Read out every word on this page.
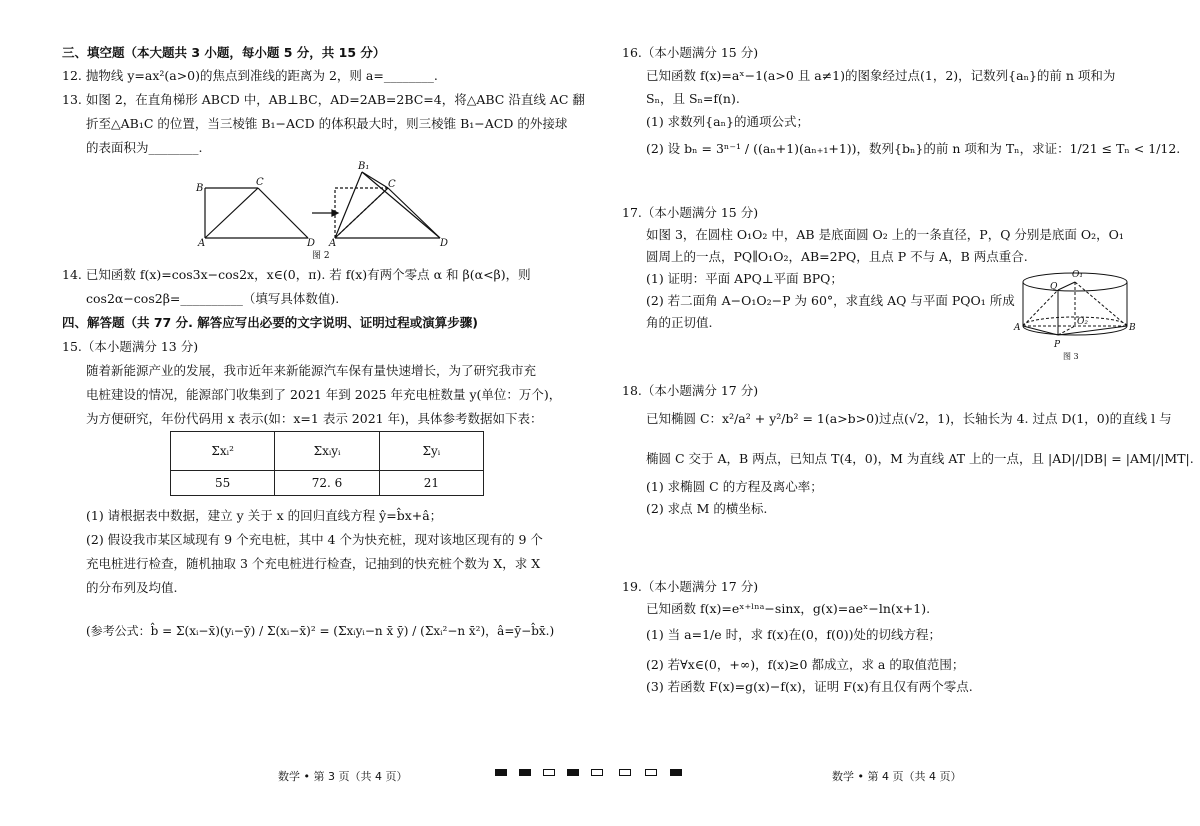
三、填空题（本大题共 3 小题，每小题 5 分，共 15 分）
12. 抛物线 y=ax²(a>0)的焦点到准线的距离为 2，则 a=________.
13. 如图 2，在直角梯形 ABCD 中，AB⊥BC，AD=2AB=2BC=4，将△ABC 沿直线 AC 翻
折至△AB₁C 的位置，当三棱锥 B₁−ACD 的体积最大时，则三棱锥 B₁−ACD 的外接球
的表面积为________.
B
C
A	D
B₁
C
A	D
图 2
14. 已知函数 f(x)=cos3x−cos2x，x∈(0，π). 若 f(x)有两个零点 α 和 β(α<β)，则
cos2α−cos2β=__________（填写具体数值).
四、解答题（共 77 分. 解答应写出必要的文字说明、证明过程或演算步骤)
15.（本小题满分 13 分)
随着新能源产业的发展，我市近年来新能源汽车保有量快速增长，为了研究我市充
电桩建设的情况，能源部门收集到了 2021 年到 2025 年充电桩数量 y(单位：万个)，
为方便研究，年份代码用 x 表示(如：x=1 表示 2021 年)，具体参考数据如下表：
Σxᵢ²	Σxᵢyᵢ	Σyᵢ
55	72. 6	21
(1) 请根据表中数据，建立 y 关于 x 的回归直线方程 ŷ=b̂x+â；
(2) 假设我市某区域现有 9 个充电桩，其中 4 个为快充桩，现对该地区现有的 9 个
充电桩进行检查，随机抽取 3 个充电桩进行检查，记抽到的快充桩个数为 X，求 X
的分布列及均值.
(参考公式：b̂ = Σ(xᵢ−x̄)(yᵢ−ȳ) / Σ(xᵢ−x̄)² = (Σxᵢyᵢ−n x̄ ȳ) / (Σxᵢ²−n x̄²)，â=ȳ−b̂x̄.)
16.（本小题满分 15 分)
已知函数 f(x)=aˣ−1(a>0 且 a≠1)的图象经过点(1，2)，记数列{aₙ}的前 n 项和为
Sₙ，且 Sₙ=f(n).
(1) 求数列{aₙ}的通项公式；
(2) 设 bₙ = 3ⁿ⁻¹ / ((aₙ+1)(aₙ₊₁+1))，数列{bₙ}的前 n 项和为 Tₙ，求证：1/21 ≤ Tₙ < 1/12.
17.（本小题满分 15 分)
如图 3，在圆柱 O₁O₂ 中，AB 是底面圆 O₂ 上的一条直径，P，Q 分别是底面 O₂，O₁
圆周上的一点，PQ∥O₁O₂，AB=2PQ，且点 P 不与 A，B 两点重合.
(1) 证明：平面 APQ⊥平面 BPQ；
(2) 若二面角 A−O₁O₂−P 为 60°，求直线 AQ 与平面 PQO₁ 所成
角的正切值.
O₁
Q
O₂
A	B
P
图 3
18.（本小题满分 17 分)
已知椭圆 C：x²/a² + y²/b² = 1(a>b>0)过点(√2，1)，长轴长为 4. 过点 D(1，0)的直线 l 与
椭圆 C 交于 A，B 两点，已知点 T(4，0)，M 为直线 AT 上的一点，且 |AD|/|DB| = |AM|/|MT|.
(1) 求椭圆 C 的方程及离心率；
(2) 求点 M 的横坐标.
19.（本小题满分 17 分)
已知函数 f(x)=eˣ⁺ˡⁿᵃ−sinx，g(x)=aeˣ−ln(x+1).
(1) 当 a=1/e 时，求 f(x)在(0，f(0))处的切线方程；
(2) 若∀x∈(0，+∞)，f(x)≥0 都成立，求 a 的取值范围；
(3) 若函数 F(x)=g(x)−f(x)，证明 F(x)有且仅有两个零点.
数学 • 第 3 页（共 4 页）	数学 • 第 4 页（共 4 页）
